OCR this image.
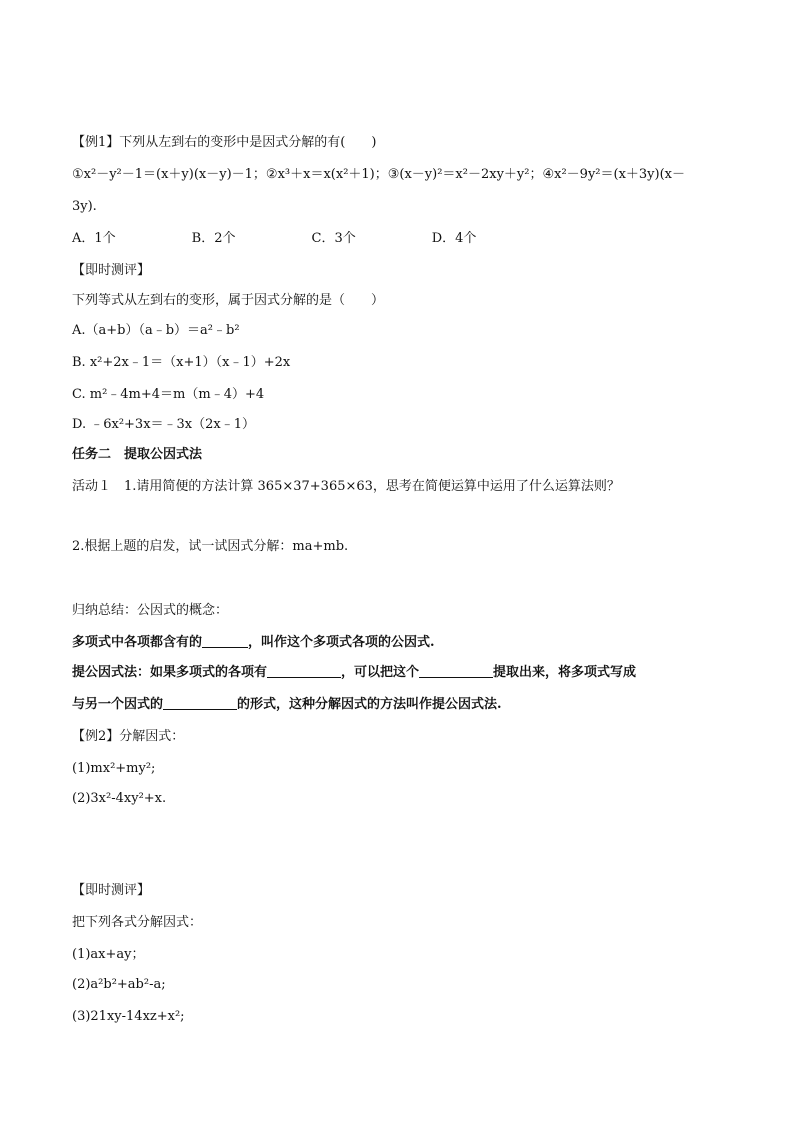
【例1】下列从左到右的变形中是因式分解的有(　　)
①x²－y²－1＝(x＋y)(x－y)－1；②x³＋x＝x(x²＋1)；③(x－y)²＝x²－2xy＋y²；④x²－9y²＝(x＋3y)(x－
3y).
A．1个	B．2个	C．3个	D．4个
【即时测评】
下列等式从左到右的变形，属于因式分解的是（　　）
A.（a+b）（a﹣b）＝a²﹣b²
B. x²+2x﹣1＝（x+1）（x﹣1）+2x
C. m²﹣4m+4＝m（m﹣4）+4
D. ﹣6x²+3x＝﹣3x（2x﹣1）
任务二　提取公因式法
活动１　1.请用简便的方法计算 365×37+365×63，思考在简便运算中运用了什么运算法则？
2.根据上题的启发，试一试因式分解：ma+mb.
归纳总结：公因式的概念：
多项式中各项都含有的	，叫作这个多项式各项的公因式.
提公因式法：如果多项式的各项有	，可以把这个	提取出来，将多项式写成
与另一个因式的	的形式，这种分解因式的方法叫作提公因式法.
【例2】分解因式：
(1)mx²+my²;
(2)3x²-4xy²+x.
【即时测评】
把下列各式分解因式：
(1)ax+ay；
(2)a²b²+ab²-a;
(3)21xy-14xz+x²;
